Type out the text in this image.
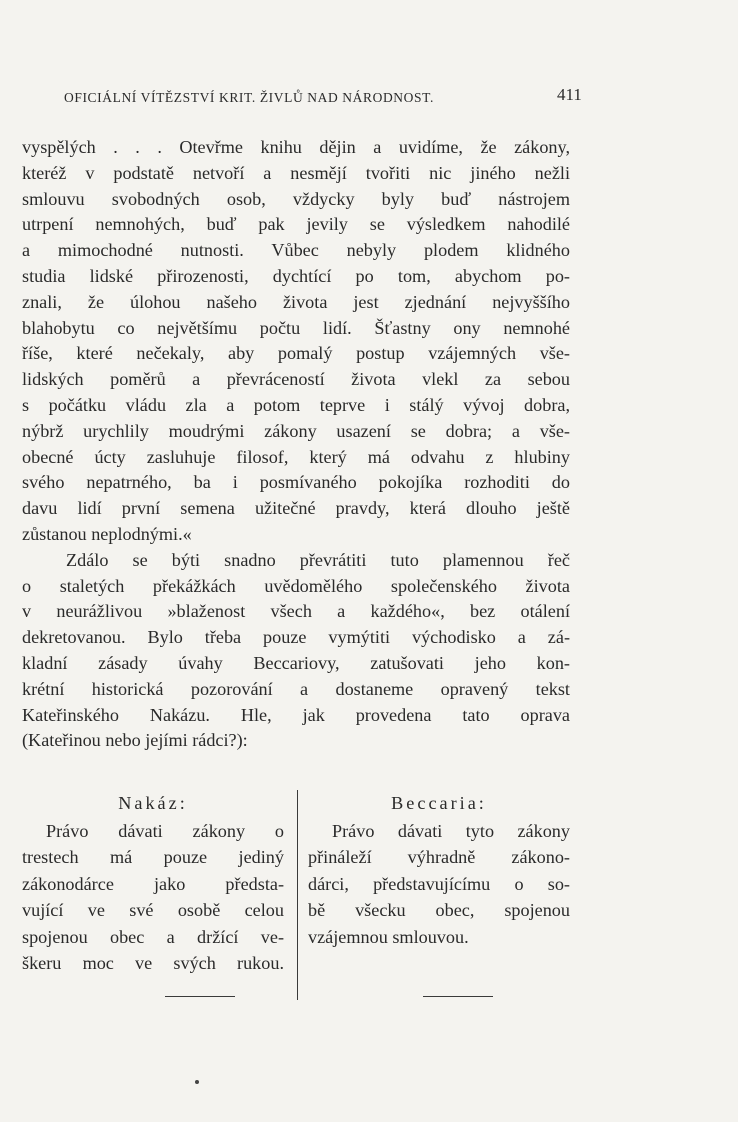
OFICIÁLNÍ VÍTĚZSTVÍ KRIT. ŽIVLŮ NAD NÁRODNOST.	411
vyspělých . . . Otevřme knihu dějin a uvidíme, že zákony,
kteréž v podstatě netvoří a nesmějí tvořiti nic jiného nežli
smlouvu svobodných osob, vždycky byly buď nástrojem
utrpení nemnohých, buď pak jevily se výsledkem nahodilé
a mimochodné nutnosti. Vůbec nebyly plodem klidného
studia lidské přirozenosti, dychtící po tom, abychom po-
znali, že úlohou našeho života jest zjednání nejvyššího
blahobytu co největšímu počtu lidí. Šťastny ony nemnohé
říše, které nečekaly, aby pomalý postup vzájemných vše-
lidských poměrů a převráceností života vlekl za sebou
s počátku vládu zla a potom teprve i stálý vývoj dobra,
nýbrž urychlily moudrými zákony usazení se dobra; a vše-
obecné úcty zasluhuje filosof, který má odvahu z hlubiny
svého nepatrného, ba i posmívaného pokojíka rozhoditi do
davu lidí první semena užitečné pravdy, která dlouho ještě
zůstanou neplodnými.«
Zdálo se býti snadno převrátiti tuto plamennou řeč
o staletých překážkách uvědomělého společenského života
v neurážlivou »blaženost všech a každého«, bez otálení
dekretovanou. Bylo třeba pouze vymýtiti východisko a zá-
kladní zásady úvahy Beccariovy, zatušovati jeho kon-
krétní historická pozorování a dostaneme opravený tekst
Kateřinského Nakázu. Hle, jak provedena tato oprava
(Kateřinou nebo jejími rádci?):
Nakáz:
Právo dávati zákony o
trestech má pouze jediný
zákonodárce jako předsta-
vující ve své osobě celou
spojenou obec a držící ve-
škeru moc ve svých rukou.
Beccaria:
Právo dávati tyto zákony
přináleží výhradně zákono-
dárci, představujícímu o so-
bě všecku obec, spojenou
vzájemnou smlouvou.
